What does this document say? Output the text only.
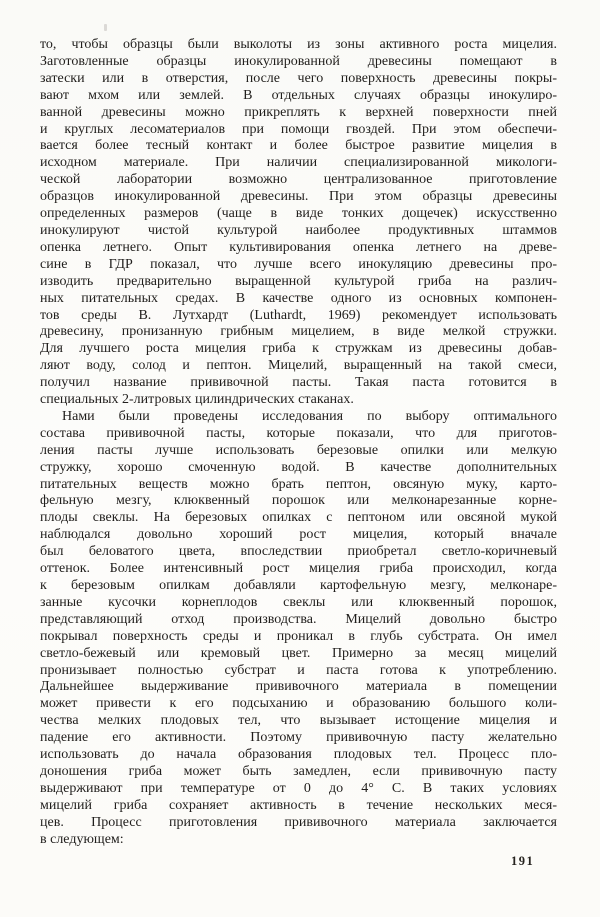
то, чтобы образцы были выколоты из зоны активного роста мицелия.
Заготовленные образцы инокулированной древесины помещают в
затески или в отверстия, после чего поверхность древесины покры-
вают мхом или землей. В отдельных случаях образцы инокулиро-
ванной древесины можно прикреплять к верхней поверхности пней
и круглых лесоматериалов при помощи гвоздей. При этом обеспечи-
вается более тесный контакт и более быстрое развитие мицелия в
исходном материале. При наличии специализированной микологи-
ческой лаборатории возможно централизованное приготовление
образцов инокулированной древесины. При этом образцы древесины
определенных размеров (чаще в виде тонких дощечек) искусственно
инокулируют чистой культурой наиболее продуктивных штаммов
опенка летнего. Опыт культивирования опенка летнего на древе-
сине в ГДР показал, что лучше всего инокуляцию древесины про-
изводить предварительно выращенной культурой гриба на различ-
ных питательных средах. В качестве одного из основных компонен-
тов среды В. Лутхардт (Luthardt, 1969) рекомендует использовать
древесину, пронизанную грибным мицелием, в виде мелкой стружки.
Для лучшего роста мицелия гриба к стружкам из древесины добав-
ляют воду, солод и пептон. Мицелий, выращенный на такой смеси,
получил название прививочной пасты. Такая паста готовится в
специальных 2-литровых цилиндрических стаканах.
Нами были проведены исследования по выбору оптимального
состава прививочной пасты, которые показали, что для приготов-
ления пасты лучше использовать березовые опилки или мелкую
стружку, хорошо смоченную водой. В качестве дополнительных
питательных веществ можно брать пептон, овсяную муку, карто-
фельную мезгу, клюквенный порошок или мелконарезанные корне-
плоды свеклы. На березовых опилках с пептоном или овсяной мукой
наблюдался довольно хороший рост мицелия, который вначале
был беловатого цвета, впоследствии приобретал светло-коричневый
оттенок. Более интенсивный рост мицелия гриба происходил, когда
к березовым опилкам добавляли картофельную мезгу, мелконаре-
занные кусочки корнеплодов свеклы или клюквенный порошок,
представляющий отход производства. Мицелий довольно быстро
покрывал поверхность среды и проникал в глубь субстрата. Он имел
светло-бежевый или кремовый цвет. Примерно за месяц мицелий
пронизывает полностью субстрат и паста готова к употреблению.
Дальнейшее выдерживание прививочного материала в помещении
может привести к его подсыханию и образованию большого коли-
чества мелких плодовых тел, что вызывает истощение мицелия и
падение его активности. Поэтому прививочную пасту желательно
использовать до начала образования плодовых тел. Процесс пло-
доношения гриба может быть замедлен, если прививочную пасту
выдерживают при температуре от 0 до 4° С. В таких условиях
мицелий гриба сохраняет активность в течение нескольких меся-
цев. Процесс приготовления прививочного материала заключается
в следующем:
191
